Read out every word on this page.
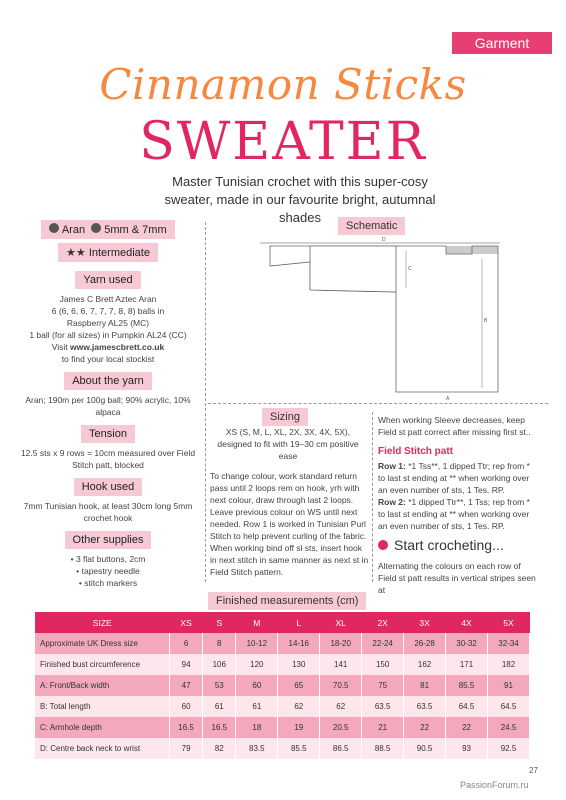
Garment
Cinnamon Sticks
SWEATER
Master Tunisian crochet with this super-cosy sweater, made in our favourite bright, autumnal shades
Aran 5mm & 7mm
★★ Intermediate
Yarn used
James C Brett Aztec Aran
6 (6, 6, 6, 7, 7, 7, 8, 8) balls in
Raspberry AL25 (MC)
1 ball (for all sizes) in Pumpkin AL24 (CC)
Visit www.jamescbrett.co.uk
to find your local stockist
About the yarn
Aran; 190m per 100g ball; 90% acrylic, 10% alpaca
Tension
12.5 sts x 9 rows = 10cm measured over Field Stitch patt, blocked
Hook used
7mm Tunisian hook, at least 30cm long 5mm crochet hook
Other supplies
• 3 flat buttons, 2cm
• tapestry needle
• stitch markers
Schematic
D
C
B
A
Sizing
XS (S, M, L, XL, 2X, 3X, 4X, 5X), designed to fit with 19–30 cm positive ease
To change colour, work standard return pass until 2 loops rem on hook, yrh with next colour, draw through last 2 loops. Leave previous colour on WS until next needed. Row 1 is worked in Tunisian Purl Stitch to help prevent curling of the fabric. When working bind off sl sts, insert hook in next stitch in same manner as next st in Field Stitch pattern.
When working Sleeve decreases, keep Field st patt correct after missing first st..
Field Stitch patt
Row 1: *1 Tss**, 1 dipped Ttr; rep from * to last st ending at ** when working over an even number of sts, 1 Tes. RP.
Row 2: *1 dipped Ttr**, 1 Tss; rep from * to last st ending at ** when working over an even number of sts, 1 Tes. RP.
Start crocheting...
Alternating the colours on each row of Field st patt results in vertical stripes seen at
Finished measurements (cm)
SIZE	XS	S	M	L	XL	2X	3X	4X	5X
Approximate UK Dress size	6	8	10-12	14-16	18-20	22-24	26-28	30-32	32-34
Finished bust circumference	94	106	120	130	141	150	162	171	182
A: Front/Back width	47	53	60	65	70.5	75	81	85.5	91
B: Total length	60	61	61	62	62	63.5	63.5	64.5	64.5
C: Armhole depth	16.5	16.5	18	19	20.5	21	22	22	24.5
D: Centre back neck to wrist	79	82	83.5	85.5	86.5	88.5	90.5	93	92.5
27
PassionForum.ru
